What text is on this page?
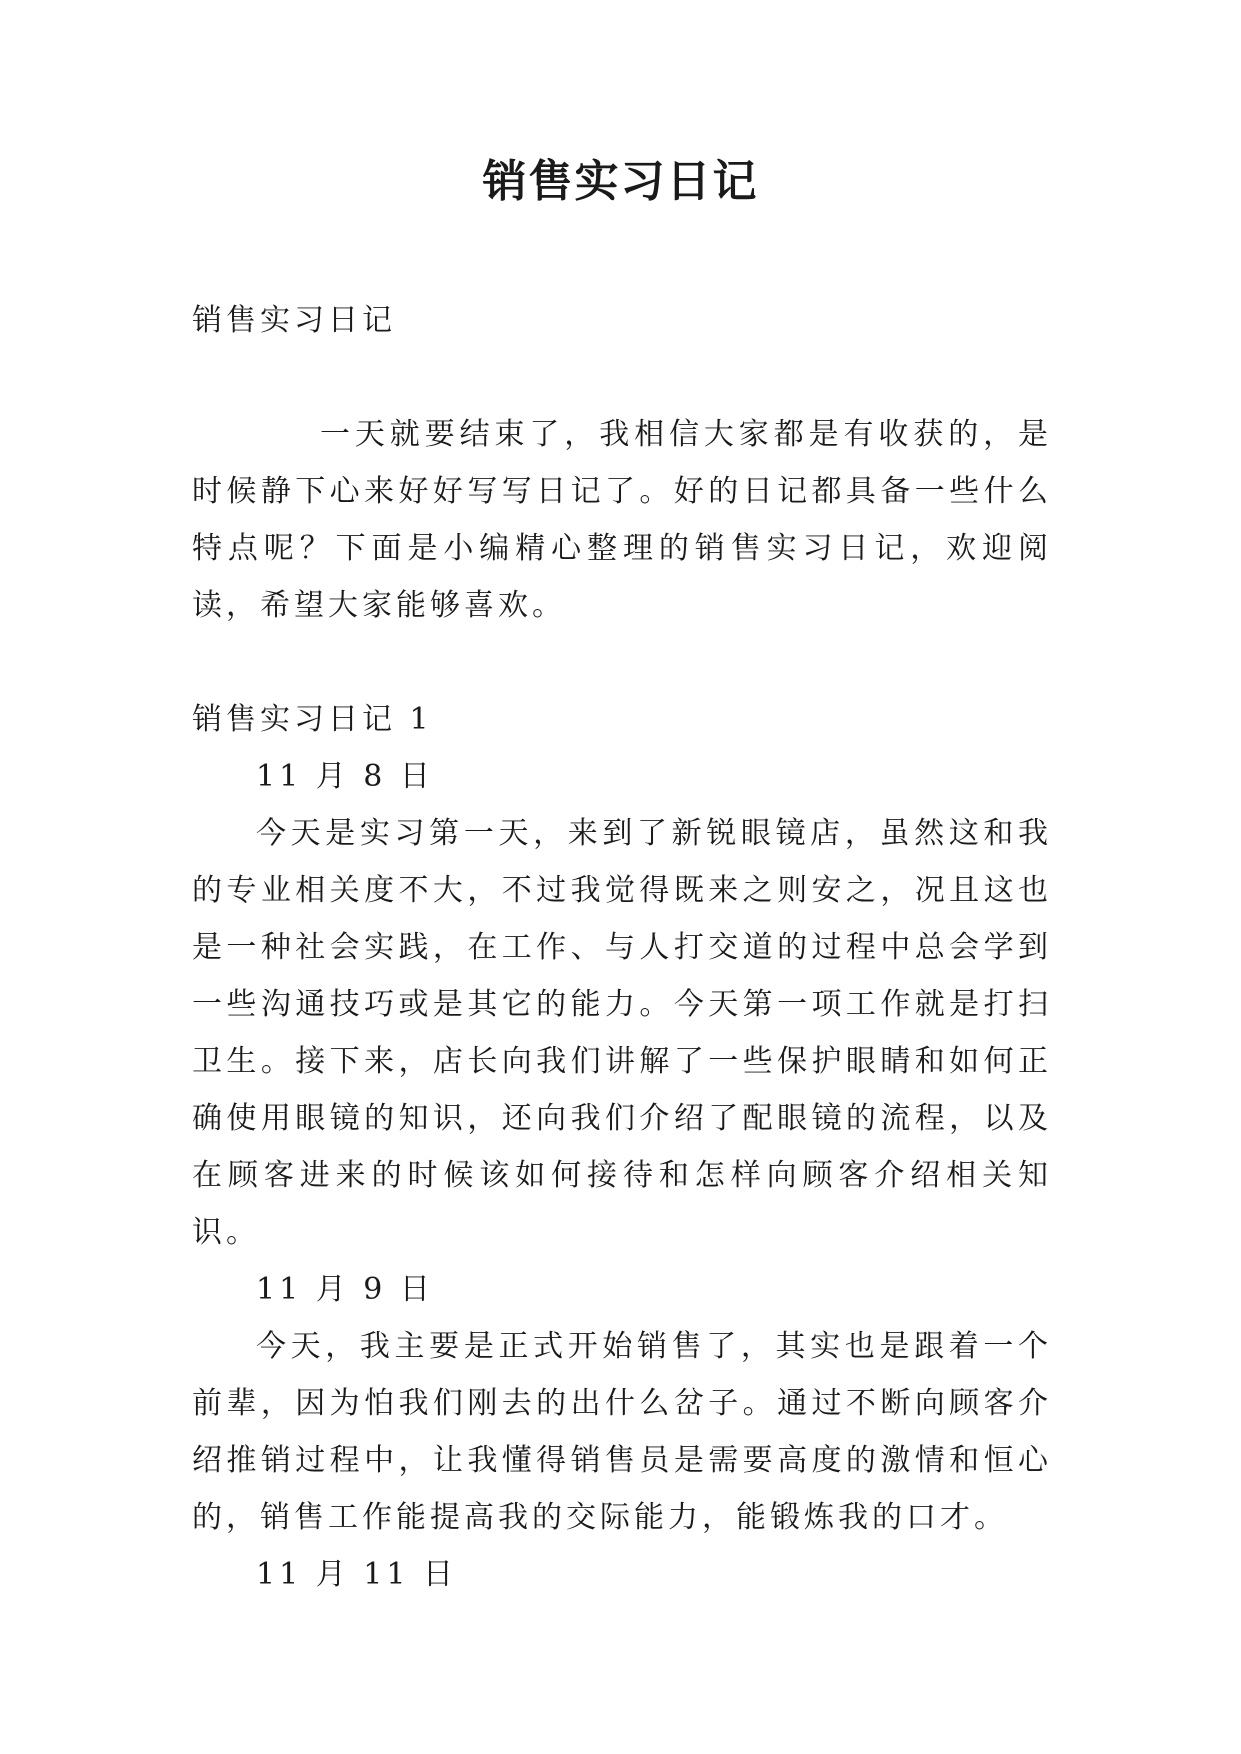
销售实习日记

销售实习日记

一天就要结束了，我相信大家都是有收获的，是时候静下心来好好写写日记了。好的日记都具备一些什么特点呢？下面是小编精心整理的销售实习日记，欢迎阅读，希望大家能够喜欢。

销售实习日记 1

11 月 8 日

今天是实习第一天，来到了新锐眼镜店，虽然这和我的专业相关度不大，不过我觉得既来之则安之，况且这也是一种社会实践，在工作、与人打交道的过程中总会学到一些沟通技巧或是其它的能力。今天第一项工作就是打扫卫生。接下来，店长向我们讲解了一些保护眼睛和如何正确使用眼镜的知识，还向我们介绍了配眼镜的流程，以及在顾客进来的时候该如何接待和怎样向顾客介绍相关知识。

11 月 9 日

今天，我主要是正式开始销售了，其实也是跟着一个前辈，因为怕我们刚去的出什么岔子。通过不断向顾客介绍推销过程中，让我懂得销售员是需要高度的激情和恒心的，销售工作能提高我的交际能力，能锻炼我的口才。

11 月 11 日
